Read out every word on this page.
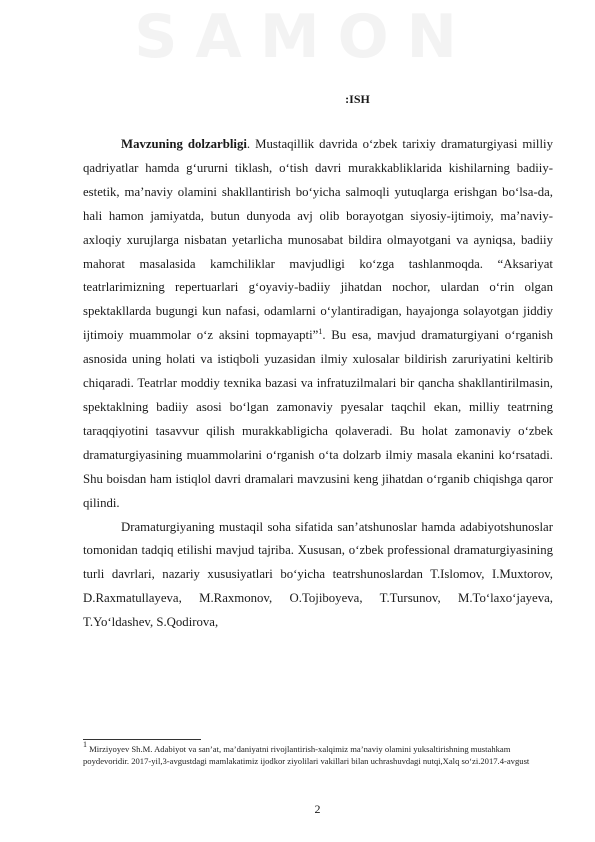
S A M O N
:ISH

Mavzuning dolzarbligi. Mustaqillik davrida o‘zbek tarixiy dramaturgiyasi milliy qadriyatlar hamda g‘ururni tiklash, o‘tish davri murakkabliklarida kishilarning badiiy-estetik, ma’naviy olamini shakllantirish bo‘yicha salmoqli yutuqlarga erishgan bo‘lsa-da, hali hamon jamiyatda, butun dunyoda avj olib borayotgan siyosiy-ijtimoiy, ma’naviy-axloqiy xurujlarga nisbatan yetarlicha munosabat bildira olmayotgani va ayniqsa, badiiy mahorat masalasida kamchiliklar mavjudligi ko‘zga tashlanmoqda. “Aksariyat teatrlarimizning repertuarlari g‘oyaviy-badiiy jihatdan nochor, ulardan o‘rin olgan spektakllarda bugungi kun nafasi, odamlarni o‘ylantiradigan, hayajonga solayotgan jiddiy ijtimoiy muammolar o‘z aksini topmayapti”$^1$. Bu esa, mavjud dramaturgiyani o‘rganish asnosida uning holati va istiqboli yuzasidan ilmiy xulosalar bildirish zaruriyatini keltirib chiqaradi. Teatrlar moddiy texnika bazasi va infratuzilmalari bir qancha shakllantirilmasin, spektaklning badiiy asosi bo‘lgan zamonaviy pyesalar taqchil ekan, milliy teatrning taraqqiyotini tasavvur qilish murakkabligicha qolaveradi. Bu holat zamonaviy o‘zbek dramaturgiyasining muammolarini o‘rganish o‘ta dolzarb ilmiy masala ekanini ko‘rsatadi. Shu boisdan ham istiqlol davri dramalari mavzusini keng jihatdan o‘rganib chiqishga qaror qilindi.

Dramaturgiyaning mustaqil soha sifatida san’atshunoslar hamda adabiyotshunoslar tomonidan tadqiq etilishi mavjud tajriba. Xususan, o‘zbek professional dramaturgiyasining turli davrlari, nazariy xususiyatlari bo‘yicha teatrshunoslardan T.Islomov, I.Muxtorov, D.Raxmatullayeva, M.Raxmonov, O.Tojiboyeva, T.Tursunov, M.To‘laxo‘jayeva, T.Yo‘ldashev, S.Qodirova,

$^1$ Mirziyoyev Sh.M. Adabiyot va san’at, ma’daniyatni rivojlantirish-xalqimiz ma’naviy olamini yuksaltirishning mustahkam poydevoridir. 2017-yil,3-avgustdagi mamlakatimiz ijodkor ziyolilari vakillari bilan uchrashuvdagi nutqi,Xalq so‘zi.2017.4-avgust
2
